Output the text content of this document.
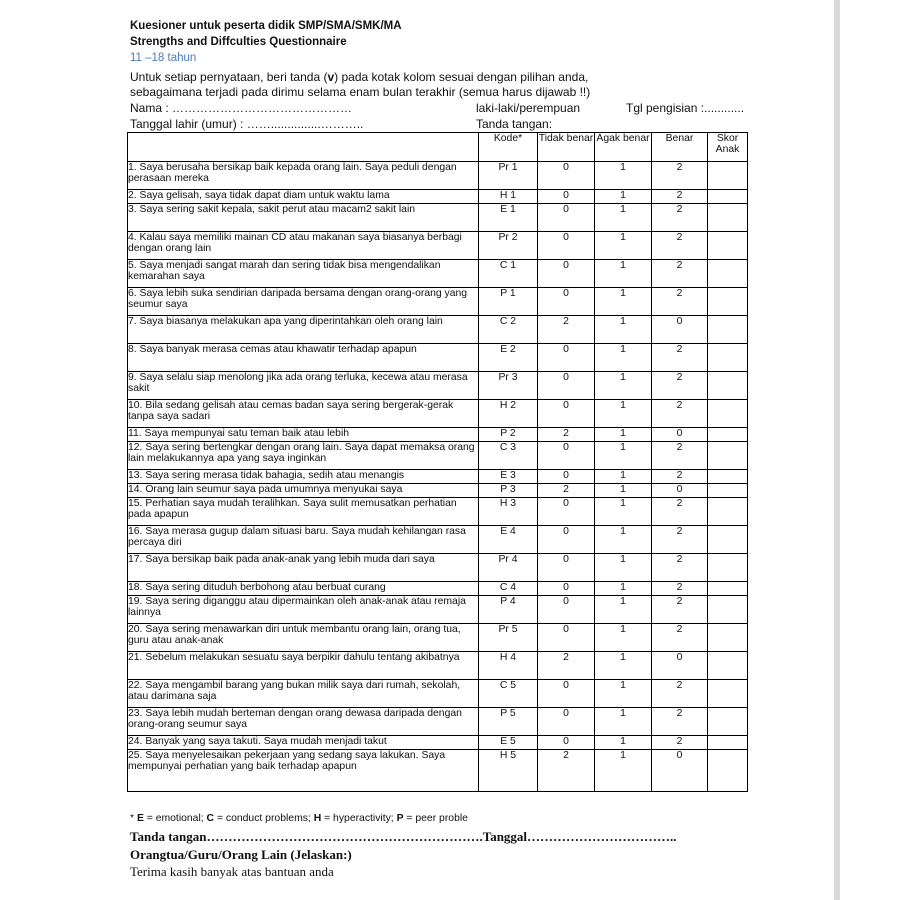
Kuesioner untuk peserta didik SMP/SMA/SMK/MA
Strengths and Diffculties Questionnaire
11 –18 tahun
Untuk setiap pernyataan, beri tanda (v) pada kotak kolom sesuai dengan pilihan anda,
sebagaimana terjadi pada dirimu selama enam bulan terakhir (semua harus dijawab !!)
Nama : ………………………………………	laki-laki/perempuan	Tgl pengisian :............
Tanggal lahir (umur) : ……...............………..	Tanda tangan:
	Kode*	Tidak benar	Agak benar	Benar	Skor Anak
1. Saya berusaha bersikap baik kepada orang lain. Saya peduli dengan perasaan mereka	Pr 1	0	1	2	
2. Saya gelisah, saya tidak dapat diam untuk waktu lama	H 1	0	1	2	
3. Saya sering sakit kepala, sakit perut atau macam2 sakit lain	E 1	0	1	2	
4. Kalau saya memiliki mainan CD atau makanan saya biasanya berbagi dengan orang lain	Pr 2	0	1	2	
5. Saya menjadi sangat marah dan sering tidak bisa mengendalikan kemarahan saya	C 1	0	1	2	
6. Saya lebih suka sendirian daripada bersama dengan orang-orang yang seumur saya	P 1	0	1	2	
7. Saya biasanya melakukan apa yang diperintahkan oleh orang lain	C 2	2	1	0	
8. Saya banyak merasa cemas atau khawatir terhadap apapun	E 2	0	1	2	
9. Saya selalu siap menolong jika ada orang terluka, kecewa atau merasa sakit	Pr 3	0	1	2	
10. Bila sedang gelisah atau cemas badan saya sering bergerak-gerak tanpa saya sadari	H 2	0	1	2	
11. Saya mempunyai satu teman baik atau lebih	P 2	2	1	0	
12. Saya sering bertengkar dengan orang lain. Saya dapat memaksa orang lain melakukannya apa yang saya inginkan	C 3	0	1	2	
13. Saya sering merasa tidak bahagia, sedih atau menangis	E 3	0	1	2	
14. Orang lain seumur saya pada umumnya menyukai saya	P 3	2	1	0	
15. Perhatian saya mudah teralihkan. Saya sulit memusatkan perhatian pada apapun	H 3	0	1	2	
16. Saya merasa gugup dalam situasi baru. Saya mudah kehilangan rasa percaya diri	E 4	0	1	2	
17. Saya bersikap baik pada anak-anak yang lebih muda dari saya	Pr 4	0	1	2	
18. Saya sering dituduh berbohong atau berbuat curang	C 4	0	1	2	
19. Saya sering diganggu atau dipermainkan oleh anak-anak atau remaja lainnya	P 4	0	1	2	
20. Saya sering menawarkan diri untuk membantu orang lain, orang tua, guru atau anak-anak	Pr 5	0	1	2	
21. Sebelum melakukan sesuatu saya berpikir dahulu tentang akibatnya	H 4	2	1	0	
22. Saya mengambil barang yang bukan milik saya dari rumah, sekolah, atau darimana saja	C 5	0	1	2	
23. Saya lebih mudah berteman dengan orang dewasa daripada dengan orang-orang seumur saya	P 5	0	1	2	
24. Banyak yang saya takuti. Saya mudah menjadi takut	E 5	0	1	2	
25. Saya menyelesaikan pekerjaan yang sedang saya lakukan. Saya mempunyai perhatian yang baik terhadap apapun	H 5	2	1	0	
* E = emotional; C = conduct problems; H = hyperactivity; P = peer proble
Tanda tangan……………………………………………………….Tanggal……………………………..
Orangtua/Guru/Orang Lain (Jelaskan:)
Terima kasih banyak atas bantuan anda
